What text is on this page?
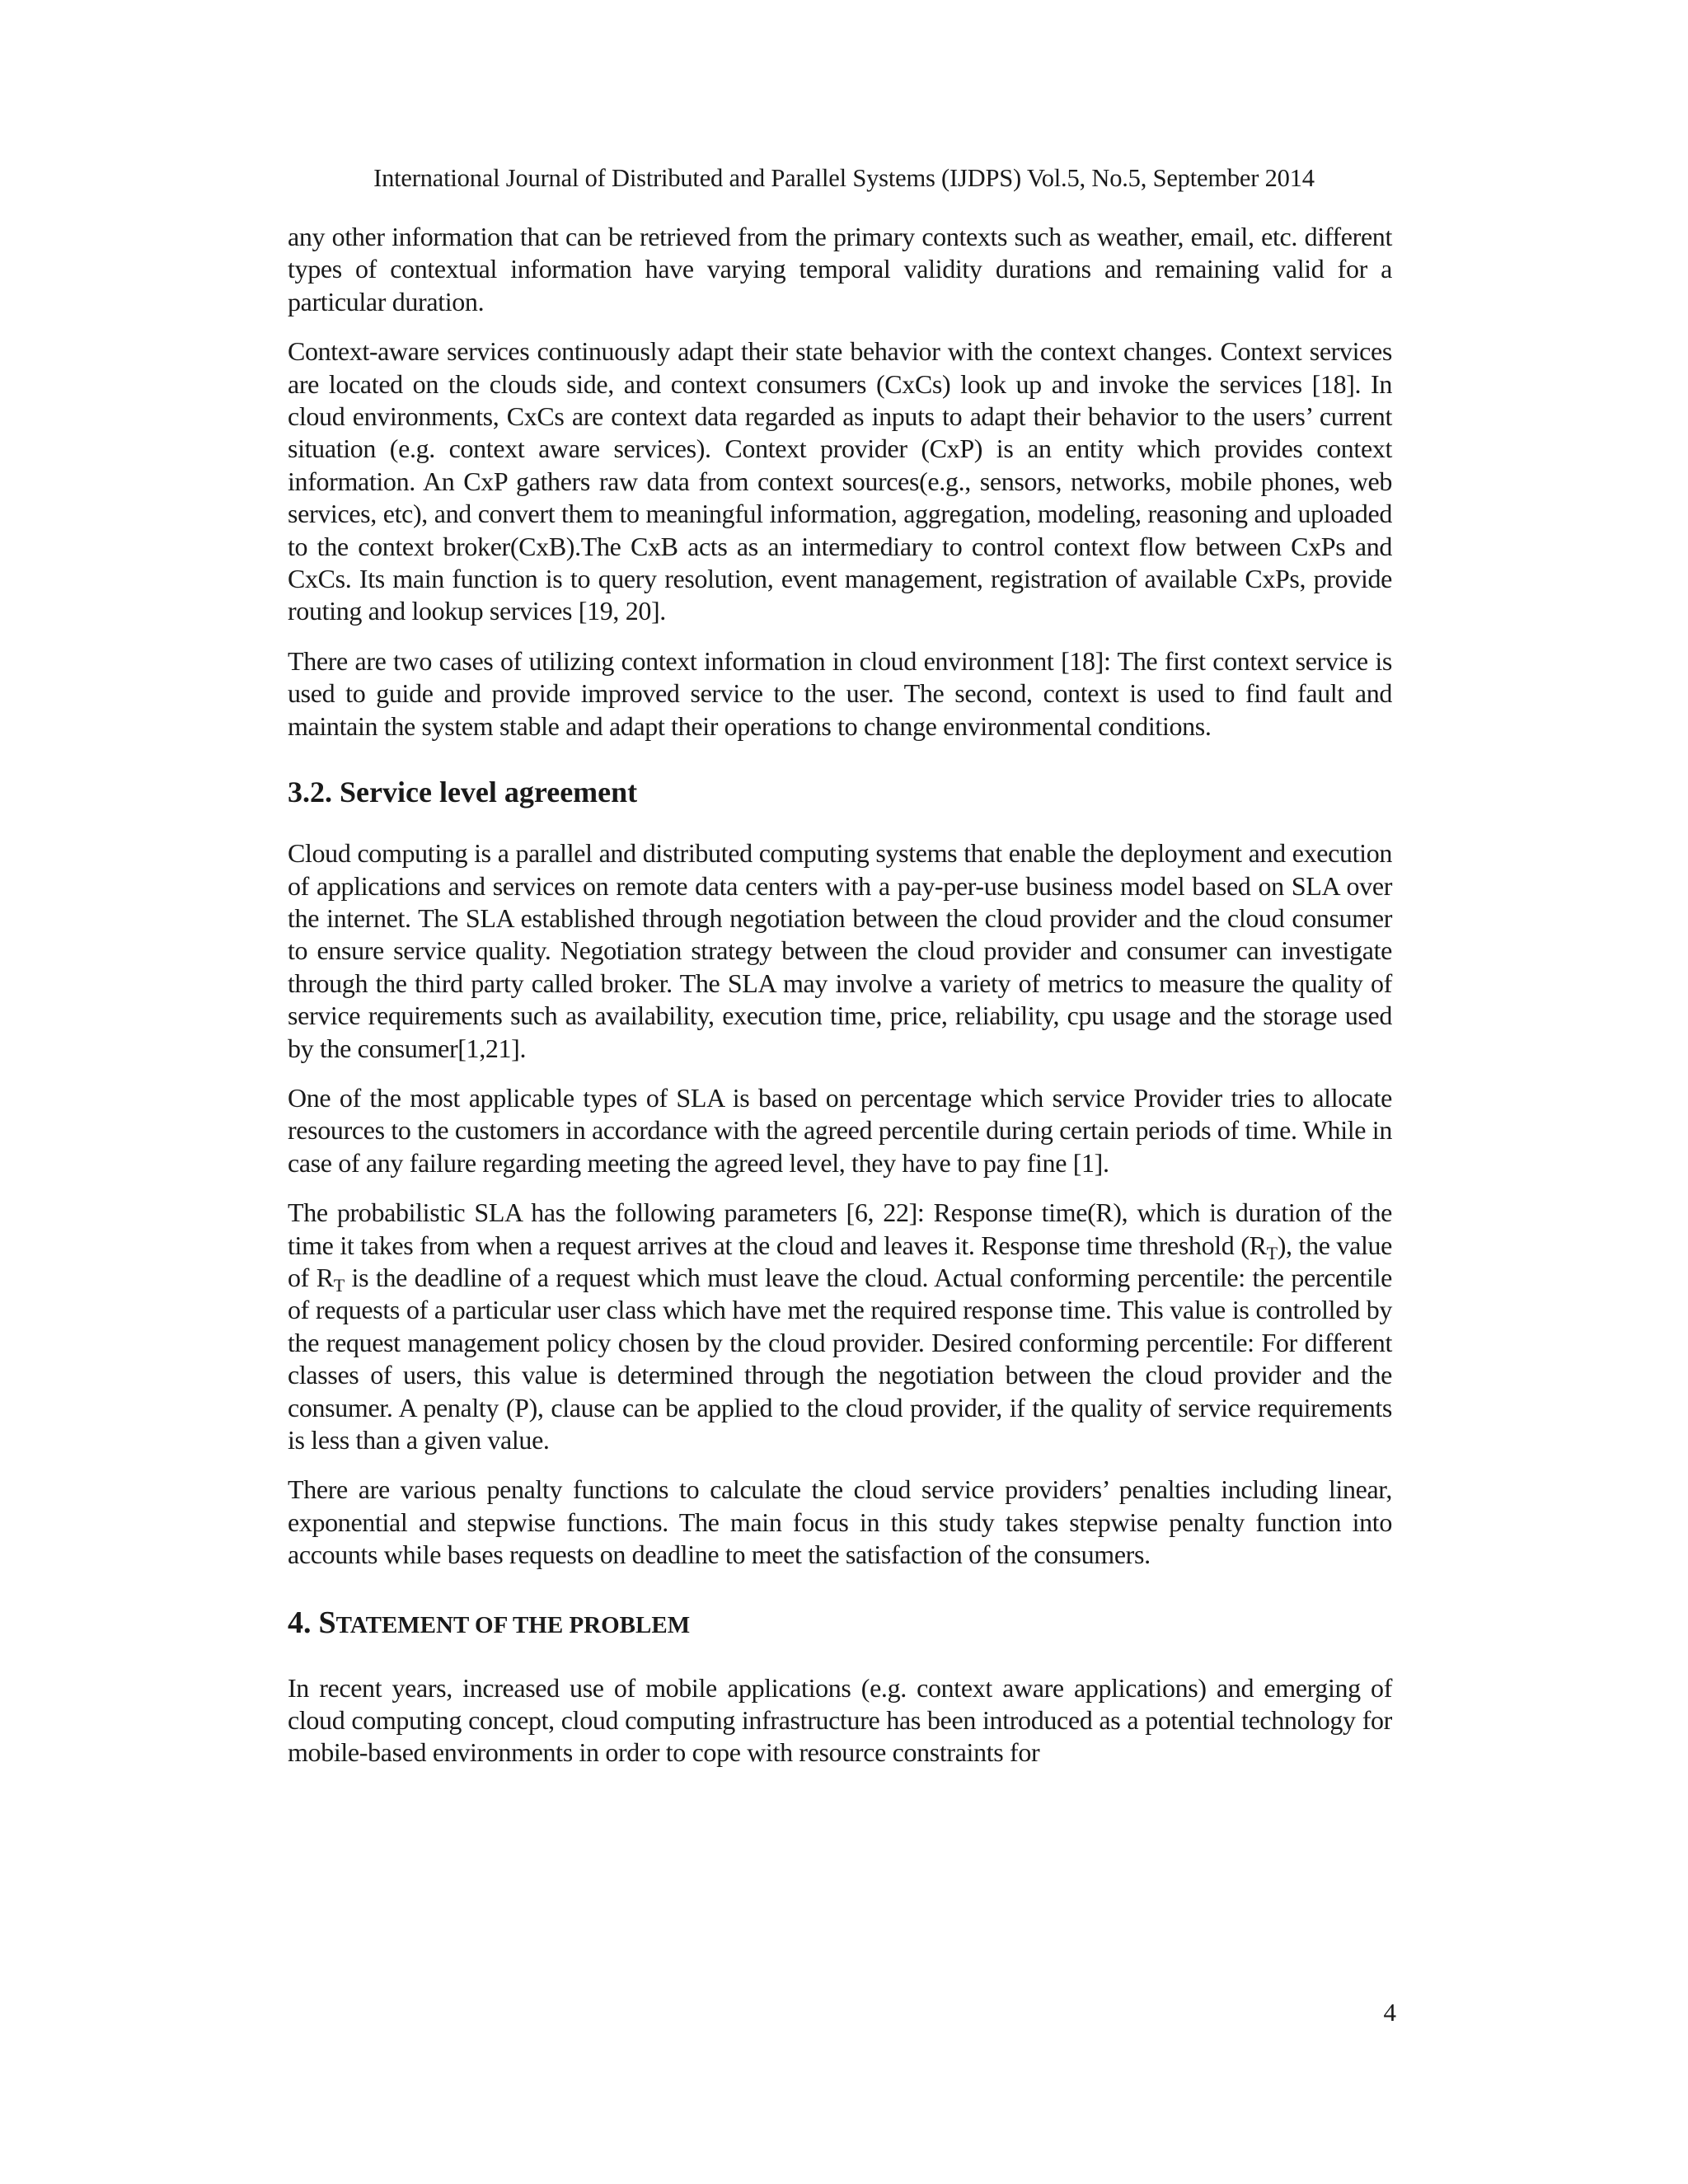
International Journal of Distributed and Parallel Systems (IJDPS) Vol.5, No.5, September 2014

any other information that can be retrieved from the primary contexts such as weather, email, etc. different types of contextual information have varying temporal validity durations and remaining valid for a particular duration.

Context-aware services continuously adapt their state behavior with the context changes. Context services are located on the clouds side, and context consumers (CxCs) look up and invoke the services [18]. In cloud environments, CxCs are context data regarded as inputs to adapt their behavior to the users’ current situation (e.g. context aware services). Context provider (CxP) is an entity which provides context information. An CxP gathers raw data from context sources(e.g., sensors, networks, mobile phones, web services, etc), and convert them to meaningful information, aggregation, modeling, reasoning and uploaded to the context broker(CxB).The CxB acts as an intermediary to control context flow between CxPs and CxCs. Its main function is to query resolution, event management, registration of available CxPs, provide routing and lookup services [19, 20].

There are two cases of utilizing context information in cloud environment [18]: The first context service is used to guide and provide improved service to the user. The second, context is used to find fault and maintain the system stable and adapt their operations to change environmental conditions.

3.2. Service level agreement

Cloud computing is a parallel and distributed computing systems that enable the deployment and execution of applications and services on remote data centers with a pay-per-use business model based on SLA over the internet. The SLA established through negotiation between the cloud provider and the cloud consumer to ensure service quality. Negotiation strategy between the cloud provider and consumer can investigate through the third party called broker. The SLA may involve a variety of metrics to measure the quality of service requirements such as availability, execution time, price, reliability, cpu usage and the storage used by the consumer[1,21].

One of the most applicable types of SLA is based on percentage which service Provider tries to allocate resources to the customers in accordance with the agreed percentile during certain periods of time. While in case of any failure regarding meeting the agreed level, they have to pay fine [1].

The probabilistic SLA has the following parameters [6, 22]: Response time(R), which is duration of the time it takes from when a request arrives at the cloud and leaves it. Response time threshold $(R_T)$, the value of $R_T$ is the deadline of a request which must leave the cloud. Actual conforming percentile: the percentile of requests of a particular user class which have met the required response time. This value is controlled by the request management policy chosen by the cloud provider. Desired conforming percentile: For different classes of users, this value is determined through the negotiation between the cloud provider and the consumer. A penalty (P), clause can be applied to the cloud provider, if the quality of service requirements is less than a given value.

There are various penalty functions to calculate the cloud service providers’ penalties including linear, exponential and stepwise functions. The main focus in this study takes stepwise penalty function into accounts while bases requests on deadline to meet the satisfaction of the consumers.

4. STATEMENT OF THE PROBLEM

In recent years, increased use of mobile applications (e.g. context aware applications) and emerging of cloud computing concept, cloud computing infrastructure has been introduced as a potential technology for mobile-based environments in order to cope with resource constraints for

4
